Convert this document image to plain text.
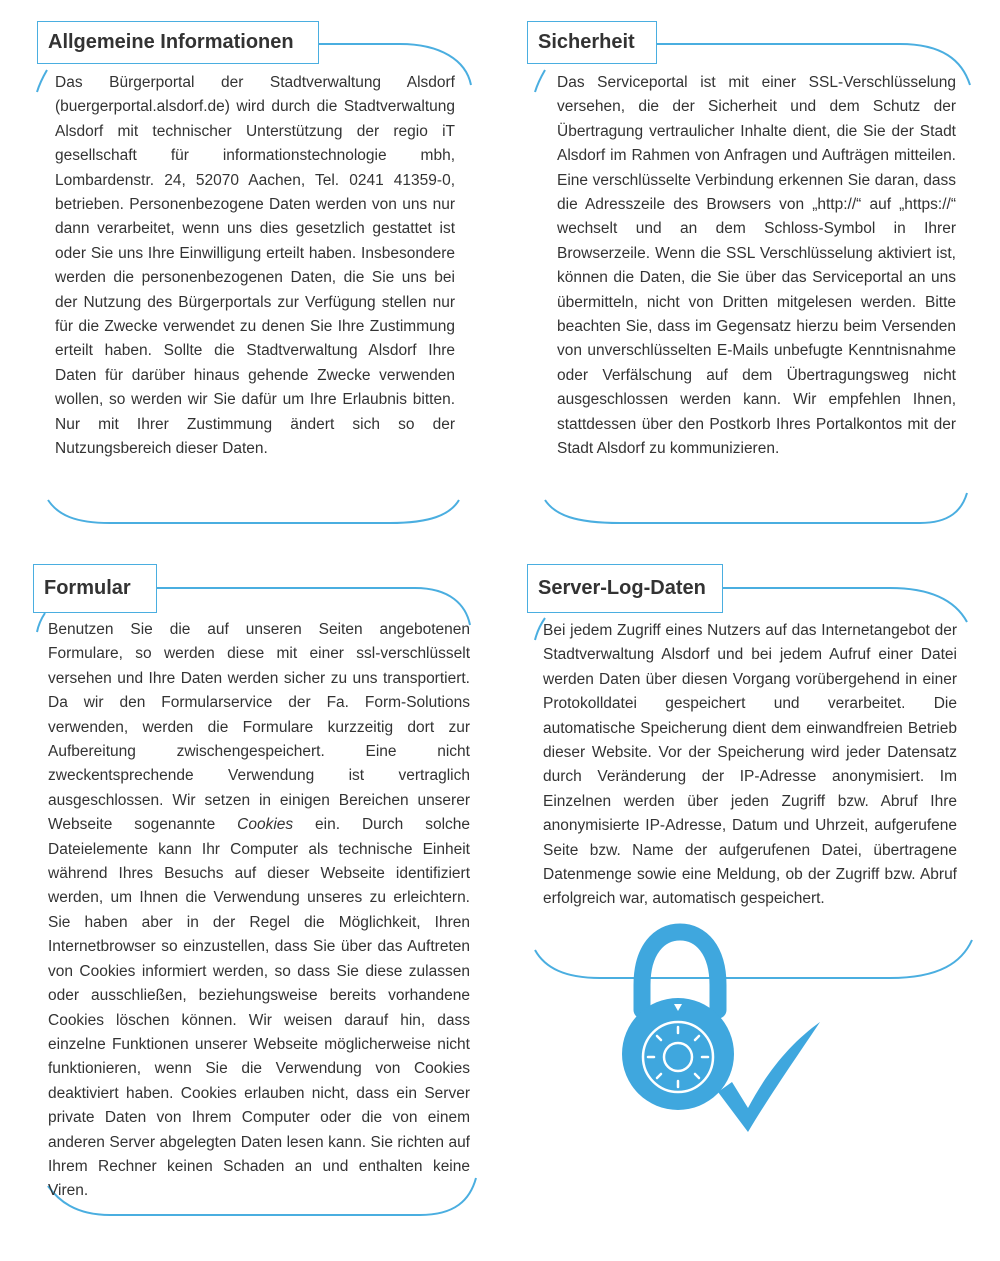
Allgemeine Informationen

Das Bürgerportal der Stadtverwaltung Alsdorf (buergerportal.alsdorf.de) wird durch die Stadtverwaltung Alsdorf mit technischer Unterstützung der regio iT gesellschaft für informationstechnologie mbh, Lombardenstr. 24, 52070 Aachen, Tel. 0241 41359-0, betrieben. Personenbezogene Daten werden von uns nur dann verarbeitet, wenn uns dies gesetzlich gestattet ist oder Sie uns Ihre Einwilligung erteilt haben. Insbesondere werden die personenbezogenen Daten, die Sie uns bei der Nutzung des Bürgerportals zur Verfügung stellen nur für die Zwecke verwendet zu denen Sie Ihre Zustimmung erteilt haben. Sollte die Stadtverwaltung Alsdorf Ihre Daten für darüber hinaus gehende Zwecke verwenden wollen, so werden wir Sie dafür um Ihre Erlaubnis bitten. Nur mit Ihrer Zustimmung ändert sich so der Nutzungsbereich dieser Daten.

Sicherheit

Das Serviceportal ist mit einer SSL-Verschlüsselung versehen, die der Sicherheit und dem Schutz der Übertragung vertraulicher Inhalte dient, die Sie der Stadt Alsdorf im Rahmen von Anfragen und Aufträgen mitteilen. Eine verschlüsselte Verbindung erkennen Sie daran, dass die Adresszeile des Browsers von „http://“ auf „https://“ wechselt und an dem Schloss-Symbol in Ihrer Browserzeile. Wenn die SSL Verschlüsselung aktiviert ist, können die Daten, die Sie über das Serviceportal an uns übermitteln, nicht von Dritten mitgelesen werden. Bitte beachten Sie, dass im Gegensatz hierzu beim Versenden von unverschlüsselten E-Mails unbefugte Kenntnisnahme oder Verfälschung auf dem Übertragungsweg nicht ausgeschlossen werden kann. Wir empfehlen Ihnen, stattdessen über den Postkorb Ihres Portalkontos mit der Stadt Alsdorf zu kommunizieren.

Formular

Benutzen Sie die auf unseren Seiten angebotenen Formulare, so werden diese mit einer ssl-verschlüsselt versehen und Ihre Daten werden sicher zu uns transportiert. Da wir den Formularservice der Fa. Form-Solutions verwenden, werden die Formulare kurzzeitig dort zur Aufbereitung zwischengespeichert. Eine nicht zweckentsprechende Verwendung ist vertraglich ausgeschlossen. Wir setzen in einigen Bereichen unserer Webseite sogenannte Cookies ein. Durch solche Dateielemente kann Ihr Computer als technische Einheit während Ihres Besuchs auf dieser Webseite identifiziert werden, um Ihnen die Verwendung unseres zu erleichtern. Sie haben aber in der Regel die Möglichkeit, Ihren Internetbrowser so einzustellen, dass Sie über das Auftreten von Cookies informiert werden, so dass Sie diese zulassen oder ausschließen, beziehungsweise bereits vorhandene Cookies löschen können. Wir weisen darauf hin, dass einzelne Funktionen unserer Webseite möglicherweise nicht funktionieren, wenn Sie die Verwendung von Cookies deaktiviert haben. Cookies erlauben nicht, dass ein Server private Daten von Ihrem Computer oder die von einem anderen Server abgelegten Daten lesen kann. Sie richten auf Ihrem Rechner keinen Schaden an und enthalten keine Viren.

Server-Log-Daten

Bei jedem Zugriff eines Nutzers auf das Internetangebot der Stadtverwaltung Alsdorf und bei jedem Aufruf einer Datei werden Daten über diesen Vorgang vorübergehend in einer Protokolldatei gespeichert und verarbeitet. Die automatische Speicherung dient dem einwandfreien Betrieb dieser Website. Vor der Speicherung wird jeder Datensatz durch Veränderung der IP-Adresse anonymisiert. Im Einzelnen werden über jeden Zugriff bzw. Abruf Ihre anonymisierte IP-Adresse, Datum und Uhrzeit, aufgerufene Seite bzw. Name der aufgerufenen Datei, übertragene Datenmenge sowie eine Meldung, ob der Zugriff bzw. Abruf erfolgreich war, automatisch gespeichert.
